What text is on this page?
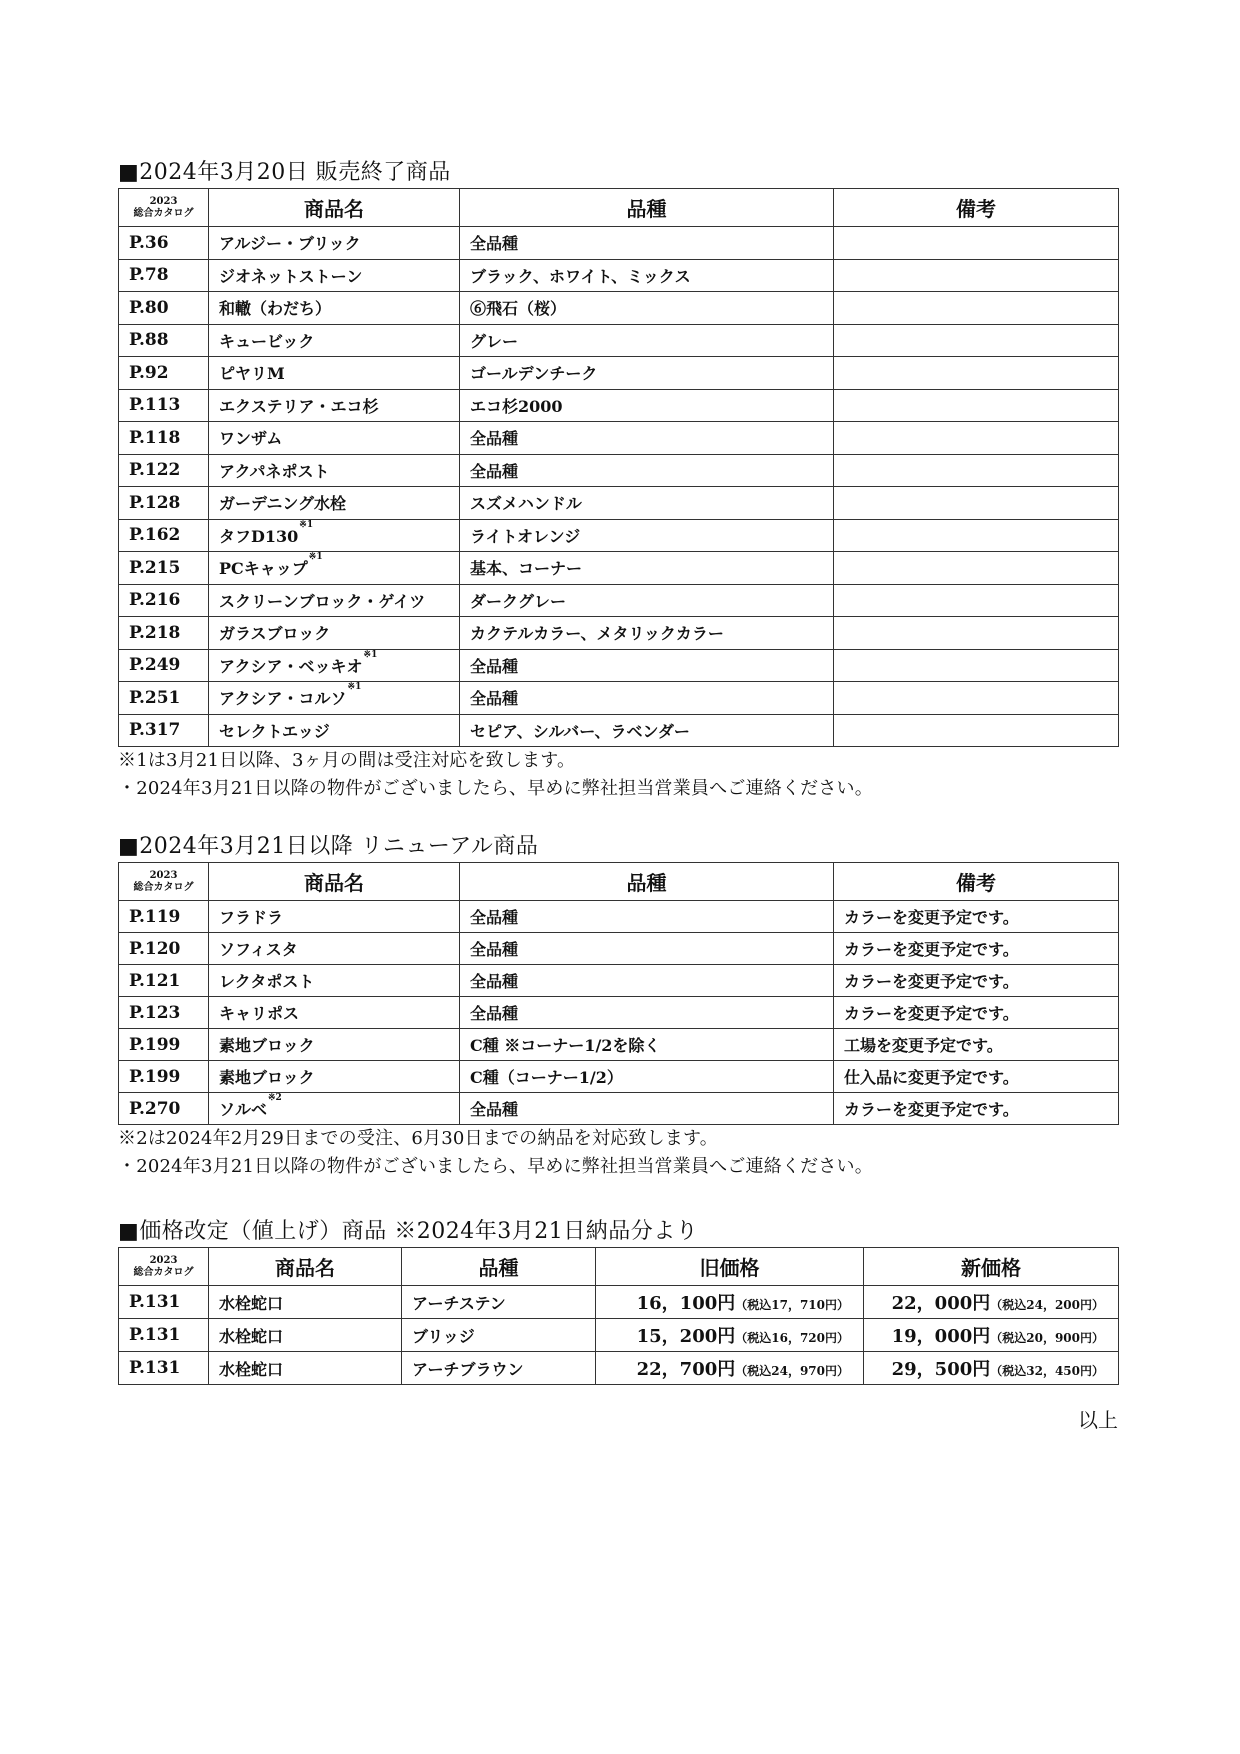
■2024年3月20日 販売終了商品
2023
総合カタログ	商品名	品種	備考
P.36	アルジー・ブリック	全品種	
P.78	ジオネットストーン	ブラック、ホワイト、ミックス	
P.80	和轍（わだち）	⑥飛石（桜）	
P.88	キュービック	グレー	
P.92	ピヤリM	ゴールデンチーク	
P.113	エクステリア・エコ杉	エコ杉2000	
P.118	ワンザム	全品種	
P.122	アクパネポスト	全品種	
P.128	ガーデニング水栓	スズメハンドル	
P.162	タフD130$^{※1}$	ライトオレンジ	
P.215	PCキャップ$^{※1}$	基本、コーナー	
P.216	スクリーンブロック・ゲイツ	ダークグレー	
P.218	ガラスブロック	カクテルカラー、メタリックカラー	
P.249	アクシア・ベッキオ$^{※1}$	全品種	
P.251	アクシア・コルソ$^{※1}$	全品種	
P.317	セレクトエッジ	セピア、シルバー、ラベンダー	
※1は3月21日以降、3ヶ月の間は受注対応を致します。
・2024年3月21日以降の物件がございましたら、早めに弊社担当営業員へご連絡ください。
■2024年3月21日以降 リニューアル商品
2023
総合カタログ	商品名	品種	備考
P.119	フラドラ	全品種	カラーを変更予定です。
P.120	ソフィスタ	全品種	カラーを変更予定です。
P.121	レクタポスト	全品種	カラーを変更予定です。
P.123	キャリポス	全品種	カラーを変更予定です。
P.199	素地ブロック	C種 ※コーナー1/2を除く	工場を変更予定です。
P.199	素地ブロック	C種（コーナー1/2）	仕入品に変更予定です。
P.270	ソルベ$^{※2}$	全品種	カラーを変更予定です。
※2は2024年2月29日までの受注、6月30日までの納品を対応致します。
・2024年3月21日以降の物件がございましたら、早めに弊社担当営業員へご連絡ください。
■価格改定（値上げ）商品 ※2024年3月21日納品分より
2023
総合カタログ	商品名	品種	旧価格	新価格
P.131	水栓蛇口	アーチステン	16，100円（税込17，710円）	22，000円（税込24，200円）
P.131	水栓蛇口	ブリッジ	15，200円（税込16，720円）	19，000円（税込20，900円）
P.131	水栓蛇口	アーチブラウン	22，700円（税込24，970円）	29，500円（税込32，450円）
以上
